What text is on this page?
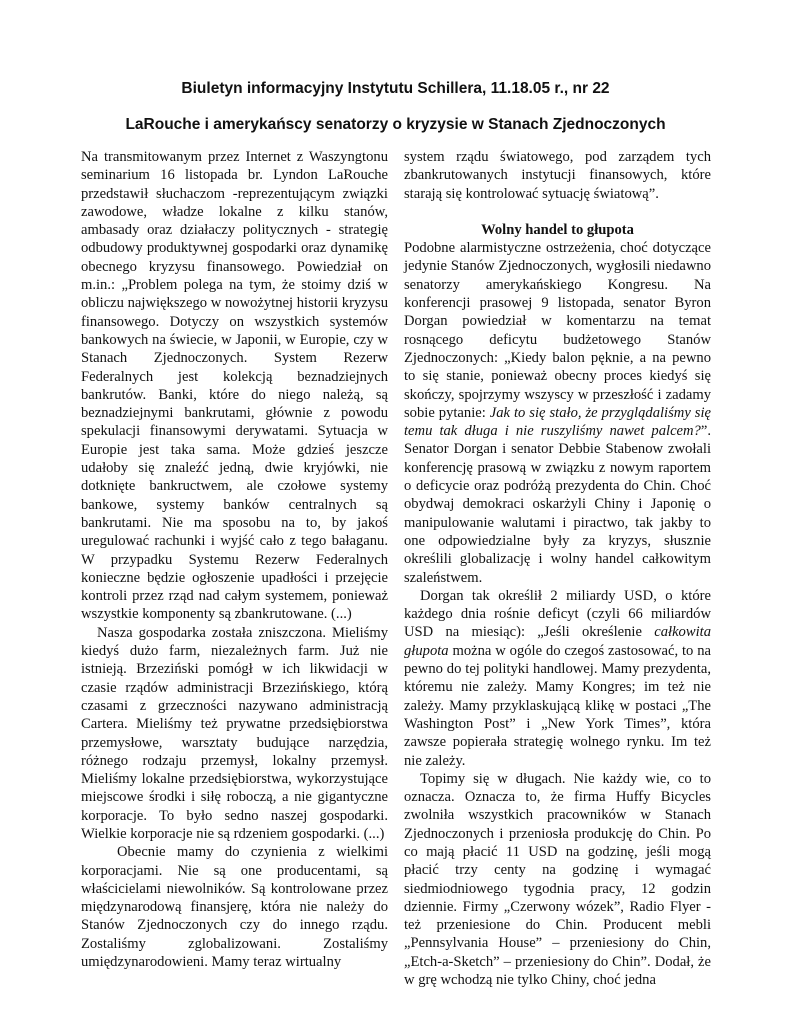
Biuletyn informacyjny Instytutu Schillera, 11.18.05 r., nr 22
LaRouche i amerykańscy senatorzy o kryzysie w Stanach Zjednoczonych

Na transmitowanym przez Internet z Waszyngtonu seminarium 16 listopada br. Lyndon LaRouche przedstawił słuchaczom -reprezentującym związki zawodowe, władze lokalne z kilku stanów, ambasady oraz działaczy politycznych - strategię odbudowy produktywnej gospodarki oraz dynamikę obecnego kryzysu finansowego. Powiedział on m.in.: „Problem polega na tym, że stoimy dziś w obliczu największego w nowożytnej historii kryzysu finansowego. Dotyczy on wszystkich systemów bankowych na świecie, w Japonii, w Europie, czy w Stanach Zjednoczonych. System Rezerw Federalnych jest kolekcją beznadziejnych bankrutów. Banki, które do niego należą, są beznadziejnymi bankrutami, głównie z powodu spekulacji finansowymi derywatami. Sytuacja w Europie jest taka sama. Może gdzieś jeszcze udałoby się znaleźć jedną, dwie kryjówki, nie dotknięte bankructwem, ale czołowe systemy bankowe, systemy banków centralnych są bankrutami. Nie ma sposobu na to, by jakoś uregulować rachunki i wyjść cało z tego bałaganu. W przypadku Systemu Rezerw Federalnych konieczne będzie ogłoszenie upadłości i przejęcie kontroli przez rząd nad całym systemem, ponieważ wszystkie komponenty są zbankrutowane. (...)

Nasza gospodarka została zniszczona. Mieliśmy kiedyś dużo farm, niezależnych farm. Już nie istnieją. Brzeziński pomógł w ich likwidacji w czasie rządów administracji Brzezińskiego, którą czasami z grzeczności nazywano administracją Cartera. Mieliśmy też prywatne przedsiębiorstwa przemysłowe, warsztaty budujące narzędzia, różnego rodzaju przemysł, lokalny przemysł. Mieliśmy lokalne przedsiębiorstwa, wykorzystujące miejscowe środki i siłę roboczą, a nie gigantyczne korporacje. To było sedno naszej gospodarki. Wielkie korporacje nie są rdzeniem gospodarki. (...)

Obecnie mamy do czynienia z wielkimi korporacjami. Nie są one producentami, są właścicielami niewolników. Są kontrolowane przez międzynarodową finansjerę, która nie należy do Stanów Zjednoczonych czy do innego rządu. Zostaliśmy zglobalizowani. Zostaliśmy umiędzynarodowieni. Mamy teraz wirtualny

system rządu światowego, pod zarządem tych zbankrutowanych instytucji finansowych, które starają się kontrolować sytuację światową”.

Wolny handel to głupota

Podobne alarmistyczne ostrzeżenia, choć dotyczące jedynie Stanów Zjednoczonych, wygłosili niedawno senatorzy amerykańskiego Kongresu. Na konferencji prasowej 9 listopada, senator Byron Dorgan powiedział w komentarzu na temat rosnącego deficytu budżetowego Stanów Zjednoczonych: „Kiedy balon pęknie, a na pewno to się stanie, ponieważ obecny proces kiedyś się skończy, spojrzymy wszyscy w przeszłość i zadamy sobie pytanie: Jak to się stało, że przyglądaliśmy się temu tak długa i nie ruszyliśmy nawet palcem?”. Senator Dorgan i senator Debbie Stabenow zwołali konferencję prasową w związku z nowym raportem o deficycie oraz podróżą prezydenta do Chin. Choć obydwaj demokraci oskarżyli Chiny i Japonię o manipulowanie walutami i piractwo, tak jakby to one odpowiedzialne były za kryzys, słusznie określili globalizację i wolny handel całkowitym szaleństwem.

Dorgan tak określił 2 miliardy USD, o które każdego dnia rośnie deficyt (czyli 66 miliardów USD na miesiąc): „Jeśli określenie całkowita głupota można w ogóle do czegoś zastosować, to na pewno do tej polityki handlowej. Mamy prezydenta, któremu nie zależy. Mamy Kongres; im też nie zależy. Mamy przyklaskującą klikę w postaci „The Washington Post” i „New York Times”, która zawsze popierała strategię wolnego rynku. Im też nie zależy.

Topimy się w długach. Nie każdy wie, co to oznacza. Oznacza to, że firma Huffy Bicycles zwolniła wszystkich pracowników w Stanach Zjednoczonych i przeniosła produkcję do Chin. Po co mają płacić 11 USD na godzinę, jeśli mogą płacić trzy centy na godzinę i wymagać siedmiodniowego tygodnia pracy, 12 godzin dziennie. Firmy „Czerwony wózek”, Radio Flyer - też przeniesione do Chin. Producent mebli „Pennsylvania House” – przeniesiony do Chin, „Etch-a-Sketch” – przeniesiony do Chin”. Dodał, że w grę wchodzą nie tylko Chiny, choć jedna
